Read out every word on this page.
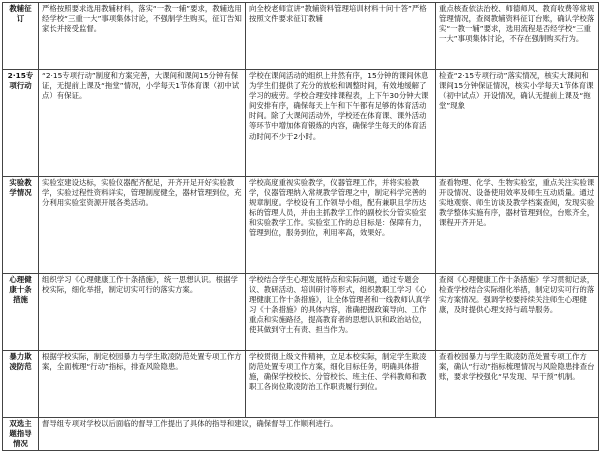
教辅征订	严格按照要求选用教辅材料，落实“一教一辅”要求，教辅选用经学校“三重一大”事项集体讨论，不强制学生购买，征订告知家长并接受监督。	向全校老师宣讲“教辅资料管理培训材料十问十答”严格按照文件要求征订教辅	重点核查依法治校、师德师风、教育收费等常规管理情况，查阅教辅资料征订台账，确认学校落实“一教一辅”要求，选用流程是否经学校“三重一大”事项集体讨论，不存在强制购买行为。
2·15专项行动	“2·15专项行动”制度和方案完善，大课间和课间15分钟有保证，无提前上课及“拖堂”情况，小学每天1节体育课（初中试点）有保证。	学校在课间活动的组织上井然有序，15分钟的课间休息为学生们提供了充分的放松和调整时间，有效地缓解了学习的疲劳。学校合理安排课程表，上下午30分钟大课间安排有序，确保每天上午和下午都有足够的体育活动时间。除了大课间活动外，学校还在体育课、课外活动等环节中增加体育锻炼的内容，确保学生每天的体育活动时间不少于2小时。	检查“2·15专项行动”落实情况，核实大课间和课间15分钟保证情况，核实小学每天1节体育课（初中试点）开设情况，确认无提前上课及“拖堂”现象
实验教学情况	实验室建设达标，实验仪器配齐配足，开齐开足开好实验教学，实验过程性资料详实，管理制度健全，器材管理到位，充分利用实验室资源开展各类活动。	学校高度重视实验教学，仪器管理工作，并将实验教学，仪器管理纳入常规教学管理之中，制定科学完善的规章制度。学校设有工作领导小组，配有兼职且学历达标的管理人员，并由主抓教学工作的副校长分管实验室和实验教学工作。实验室工作的总目标是：保障有力，管理到位，服务到位，利用率高，效果好。	查看物理、化学、生物实验室，重点关注实验课开设情况、设备使用效率及师生互动质量。通过实地观察、师生访谈及教学档案查阅，发现实验教学整体实施有序，器材管理到位，台账齐全，课程开齐开足。
心理健康十条措施	组织学习《心理健康工作十条措施》，统一思想认识。根据学校实际，细化举措，制定切实可行的落实方案。	学校结合学生心理发展特点和实际问题，通过专题会议、教研活动、培训研讨等形式，组织教职工学习《心理健康工作十条措施》，让全体管理者和一线教师认真学习《十条措施》的具体内容，准确把握政策导向、工作重点和实施路径，提高教育者的思想认识和政治站位，使其做到守土有责、担当作为。	查阅《心理健康工作十条措施》学习贯彻记录，检查学校结合实际细化举措，制定切实可行的落实方案情况。强调学校要持续关注师生心理健康，及时提供心理支持与疏导服务。
暴力欺凌防范	根据学校实际，制定校园暴力与学生欺凌防范处置专项工作方案，全面梳理“行动”指标，排查风险隐患。	学校贯彻上级文件精神，立足本校实际，制定学生欺凌防范处置专项工作方案，细化目标任务，明确具体措施，确保学校校长、分管校长、班主任、学科教师和教职工各岗位欺凌防治工作职责履行到位。	查看校园暴力与学生欺凌防范处置专项工作方案，确认“行动”指标梳理情况与风险隐患排查台账，要求学校强化“早发现、早干预”机制。
双选主题指导情况	督导组专项对学校以后面临的督导工作提出了具体的指导和建议，确保督导工作顺利进行。		
